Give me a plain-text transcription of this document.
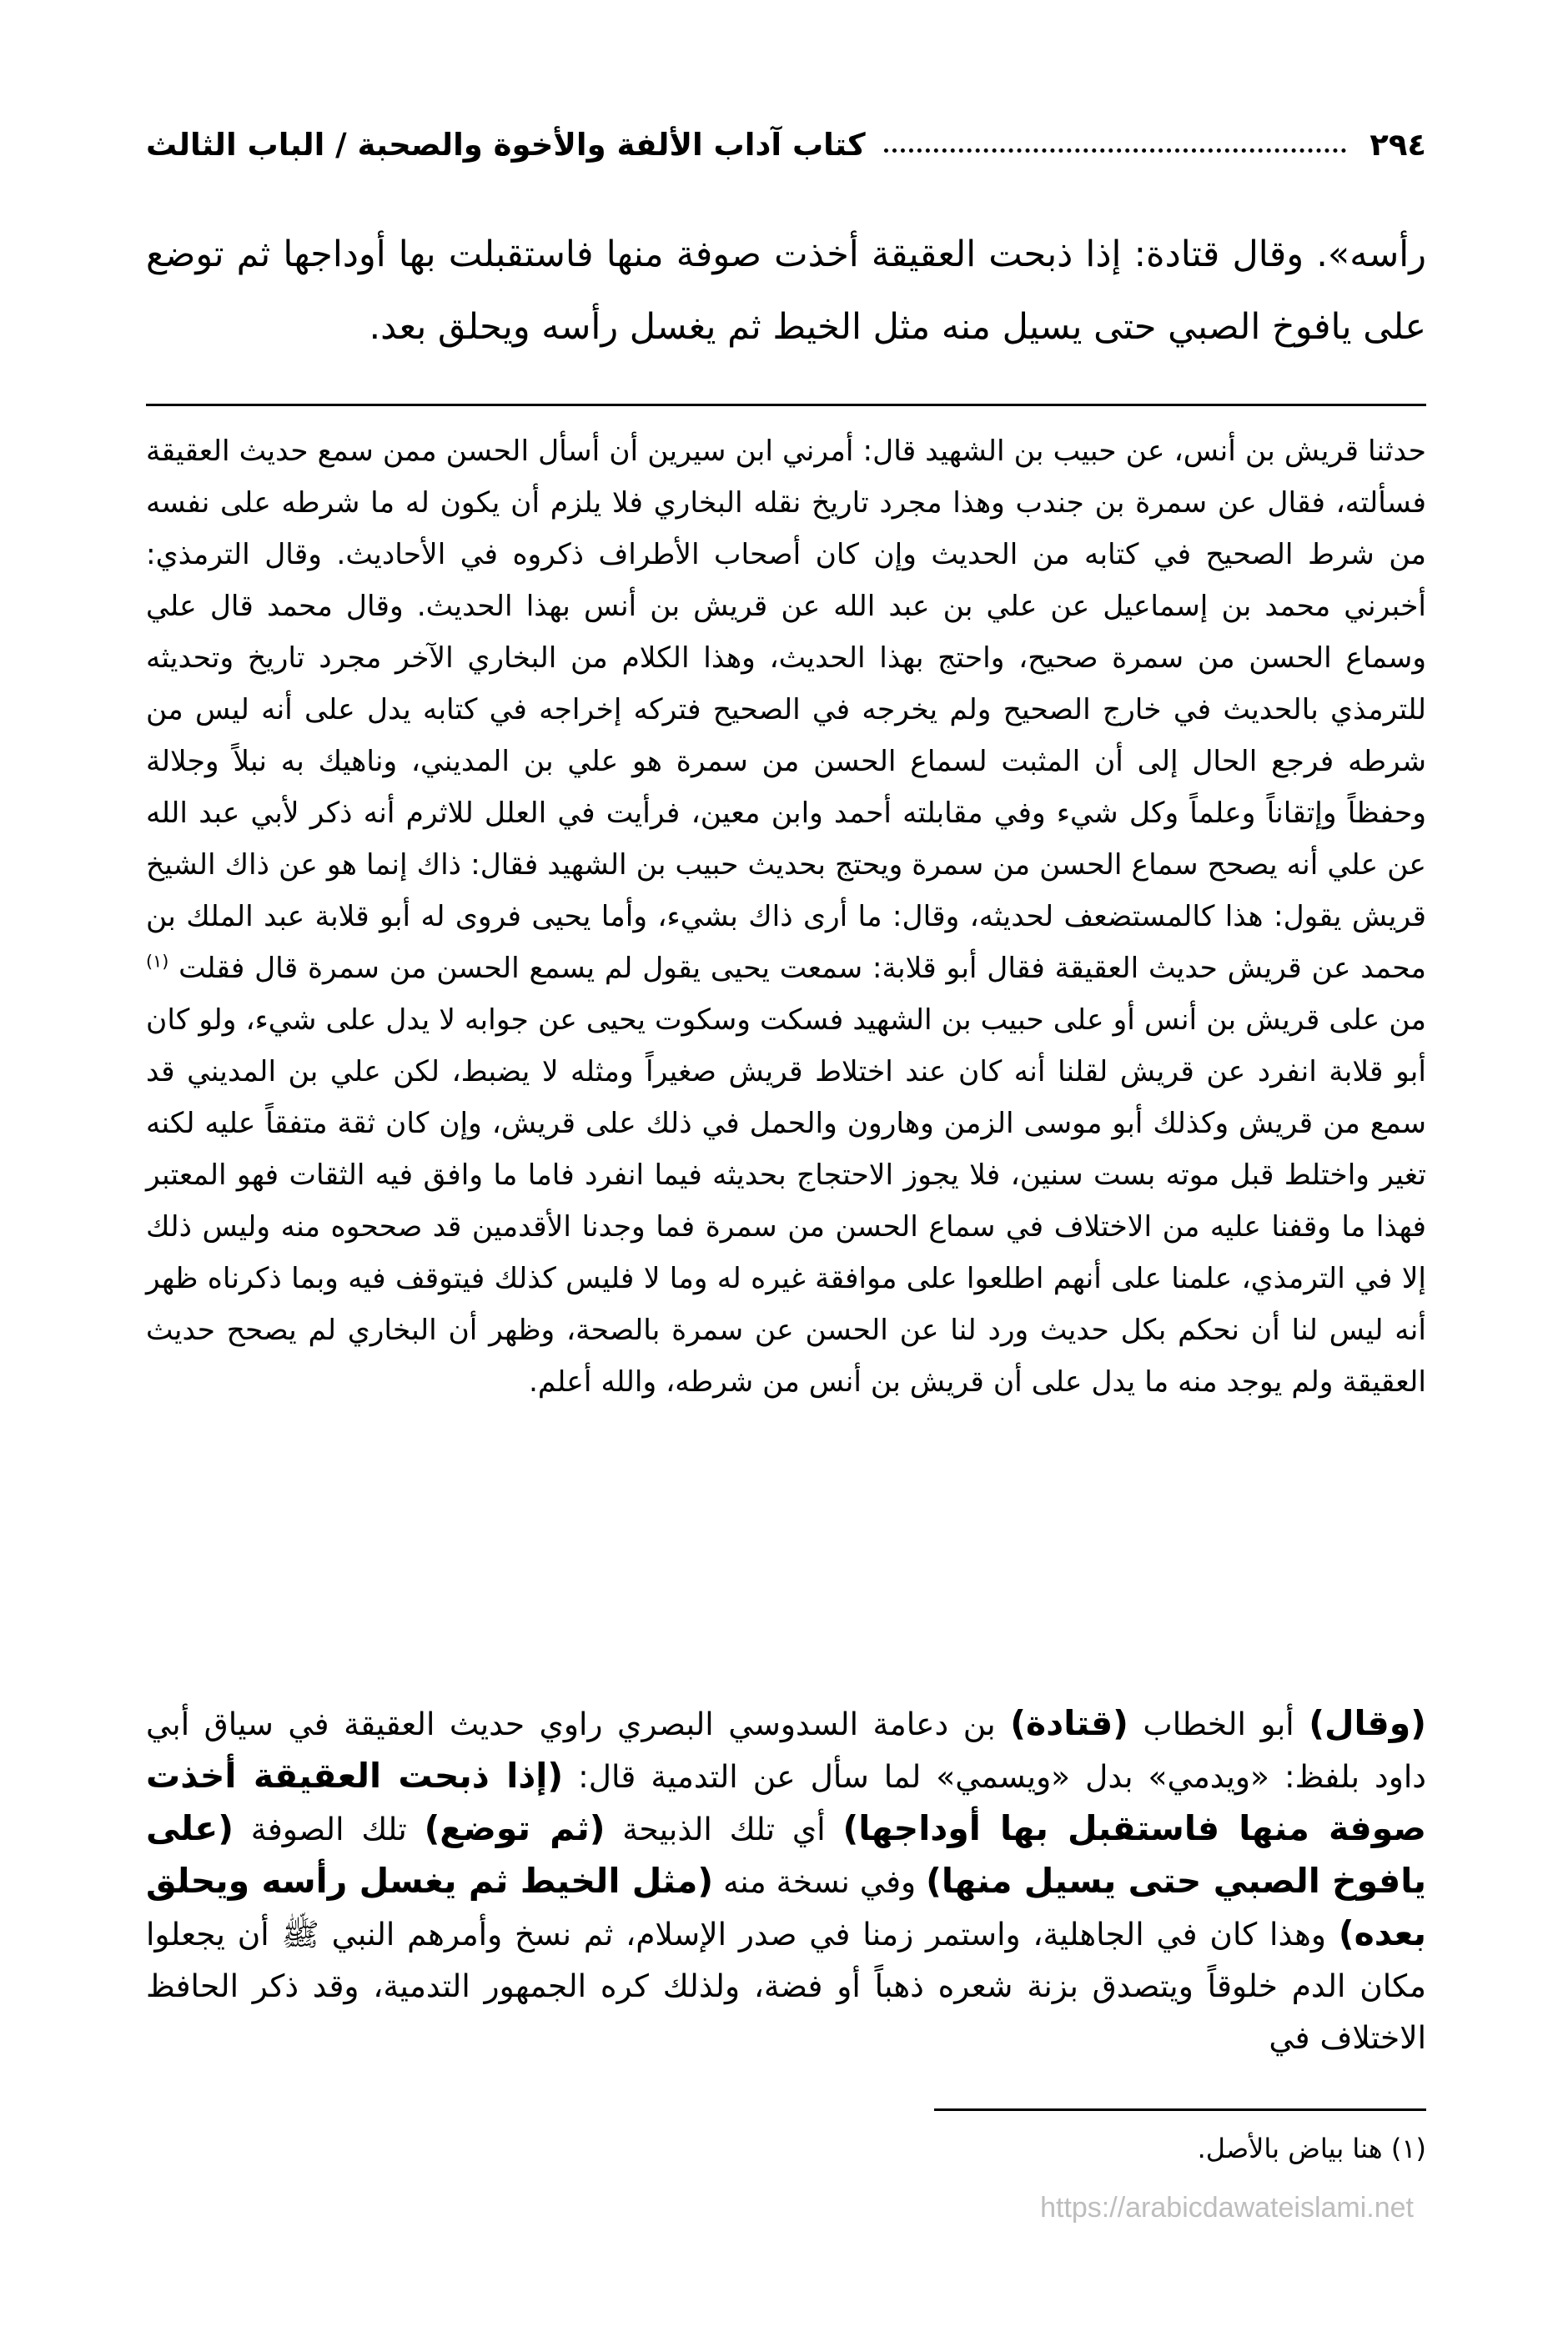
٢٩٤
كتاب آداب الألفة والأخوة والصحبة / الباب الثالث
رأسه». وقال قتادة: إذا ذبحت العقيقة أخذت صوفة منها فاستقبلت بها أوداجها ثم توضع على يافوخ الصبي حتى يسيل منه مثل الخيط ثم يغسل رأسه ويحلق بعد.
حدثنا قريش بن أنس، عن حبيب بن الشهيد قال: أمرني ابن سيرين أن أسأل الحسن ممن سمع حديث العقيقة فسألته، فقال عن سمرة بن جندب وهذا مجرد تاريخ نقله البخاري فلا يلزم أن يكون له ما شرطه على نفسه من شرط الصحيح في كتابه من الحديث وإن كان أصحاب الأطراف ذكروه في الأحاديث. وقال الترمذي: أخبرني محمد بن إسماعيل عن علي بن عبد الله عن قريش بن أنس بهذا الحديث. وقال محمد قال علي وسماع الحسن من سمرة صحيح، واحتج بهذا الحديث، وهذا الكلام من البخاري الآخر مجرد تاريخ وتحديثه للترمذي بالحديث في خارج الصحيح ولم يخرجه في الصحيح فتركه إخراجه في كتابه يدل على أنه ليس من شرطه فرجع الحال إلى أن المثبت لسماع الحسن من سمرة هو علي بن المديني، وناهيك به نبلاً وجلالة وحفظاً وإتقاناً وعلماً وكل شيء وفي مقابلته أحمد وابن معين، فرأيت في العلل للاثرم أنه ذكر لأبي عبد الله عن علي أنه يصحح سماع الحسن من سمرة ويحتج بحديث حبيب بن الشهيد فقال: ذاك إنما هو عن ذاك الشيخ قريش يقول: هذا كالمستضعف لحديثه، وقال: ما أرى ذاك بشيء، وأما يحيى فروى له أبو قلابة عبد الملك بن محمد عن قريش حديث العقيقة فقال أبو قلابة: سمعت يحيى يقول لم يسمع الحسن من سمرة قال فقلت $^{(١)}$ من على قريش بن أنس أو على حبيب بن الشهيد فسكت وسكوت يحيى عن جوابه لا يدل على شيء، ولو كان أبو قلابة انفرد عن قريش لقلنا أنه كان عند اختلاط قريش صغيراً ومثله لا يضبط، لكن علي بن المديني قد سمع من قريش وكذلك أبو موسى الزمن وهارون والحمل في ذلك على قريش، وإن كان ثقة متفقاً عليه لكنه تغير واختلط قبل موته بست سنين، فلا يجوز الاحتجاج بحديثه فيما انفرد فاما ما وافق فيه الثقات فهو المعتبر فهذا ما وقفنا عليه من الاختلاف في سماع الحسن من سمرة فما وجدنا الأقدمين قد صححوه منه وليس ذلك إلا في الترمذي، علمنا على أنهم اطلعوا على موافقة غيره له وما لا فليس كذلك فيتوقف فيه وبما ذكرناه ظهر أنه ليس لنا أن نحكم بكل حديث ورد لنا عن الحسن عن سمرة بالصحة، وظهر أن البخاري لم يصحح حديث العقيقة ولم يوجد منه ما يدل على أن قريش بن أنس من شرطه، والله أعلم.
(وقال) أبو الخطاب (قتادة) بن دعامة السدوسي البصري راوي حديث العقيقة في سياق أبي داود بلفظ: «ويدمي» بدل «ويسمي» لما سأل عن التدمية قال: (إذا ذبحت العقيقة أخذت صوفة منها فاستقبل بها أوداجها) أي تلك الذبيحة (ثم توضع) تلك الصوفة (على يافوخ الصبي حتى يسيل منها) وفي نسخة منه (مثل الخيط ثم يغسل رأسه ويحلق بعده) وهذا كان في الجاهلية، واستمر زمنا في صدر الإسلام، ثم نسخ وأمرهم النبي ﷺ أن يجعلوا مكان الدم خلوقاً ويتصدق بزنة شعره ذهباً أو فضة، ولذلك كره الجمهور التدمية، وقد ذكر الحافظ الاختلاف في
(١) هنا بياض بالأصل.
https://arabicdawateislami.net
